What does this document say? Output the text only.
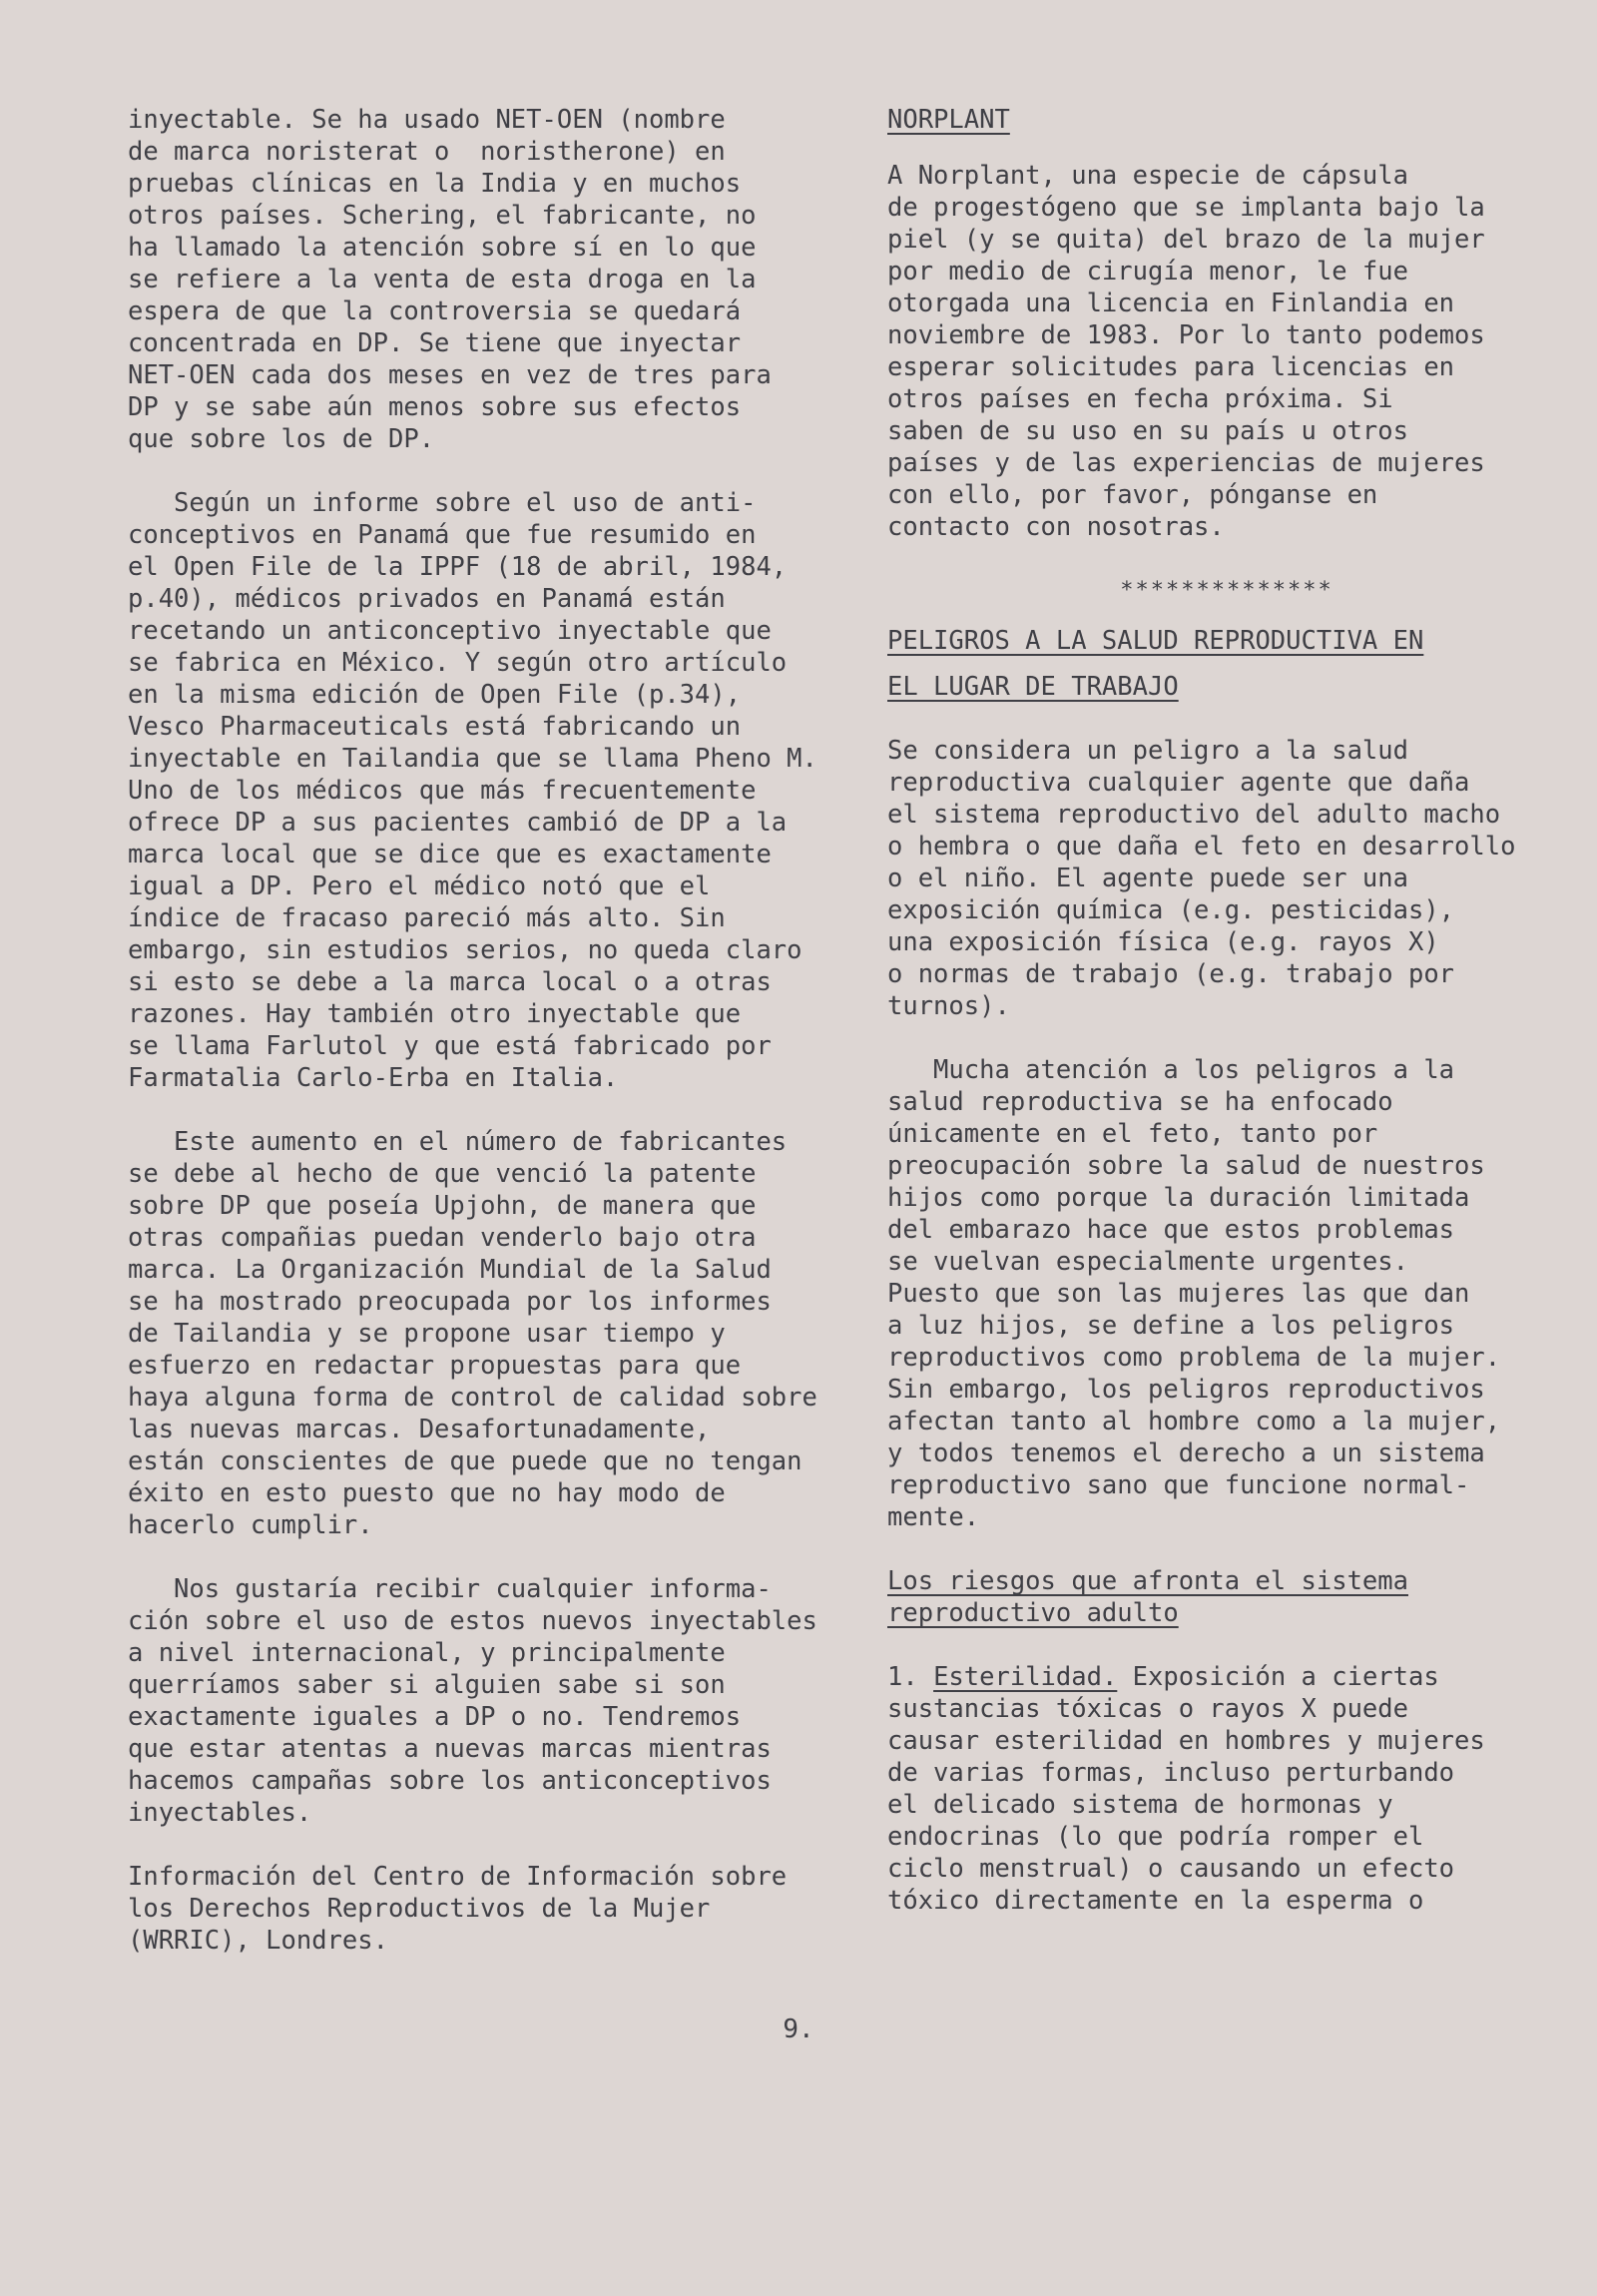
inyectable. Se ha usado NET-OEN (nombre
de marca noristerat o  noristherone) en
pruebas clínicas en la India y en muchos
otros países. Schering, el fabricante, no
ha llamado la atención sobre sí en lo que
se refiere a la venta de esta droga en la
espera de que la controversia se quedará
concentrada en DP. Se tiene que inyectar
NET-OEN cada dos meses en vez de tres para
DP y se sabe aún menos sobre sus efectos
que sobre los de DP.
Según un informe sobre el uso de anti-
conceptivos en Panamá que fue resumido en
el Open File de la IPPF (18 de abril, 1984,
p.40), médicos privados en Panamá están
recetando un anticonceptivo inyectable que
se fabrica en México. Y según otro artículo
en la misma edición de Open File (p.34),
Vesco Pharmaceuticals está fabricando un
inyectable en Tailandia que se llama Pheno M.
Uno de los médicos que más frecuentemente
ofrece DP a sus pacientes cambió de DP a la
marca local que se dice que es exactamente
igual a DP. Pero el médico notó que el
índice de fracaso pareció más alto. Sin
embargo, sin estudios serios, no queda claro
si esto se debe a la marca local o a otras
razones. Hay también otro inyectable que
se llama Farlutol y que está fabricado por
Farmatalia Carlo-Erba en Italia.
Este aumento en el número de fabricantes
se debe al hecho de que venció la patente
sobre DP que poseía Upjohn, de manera que
otras compañias puedan venderlo bajo otra
marca. La Organización Mundial de la Salud
se ha mostrado preocupada por los informes
de Tailandia y se propone usar tiempo y
esfuerzo en redactar propuestas para que
haya alguna forma de control de calidad sobre
las nuevas marcas. Desafortunadamente,
están conscientes de que puede que no tengan
éxito en esto puesto que no hay modo de
hacerlo cumplir.
Nos gustaría recibir cualquier informa-
ción sobre el uso de estos nuevos inyectables
a nivel internacional, y principalmente
querríamos saber si alguien sabe si son
exactamente iguales a DP o no. Tendremos
que estar atentas a nuevas marcas mientras
hacemos campañas sobre los anticonceptivos
inyectables.
Información del Centro de Información sobre
los Derechos Reproductivos de la Mujer
(WRRIC), Londres.
NORPLANT
A Norplant, una especie de cápsula
de progestógeno que se implanta bajo la
piel (y se quita) del brazo de la mujer
por medio de cirugía menor, le fue
otorgada una licencia en Finlandia en
noviembre de 1983. Por lo tanto podemos
esperar solicitudes para licencias en
otros países en fecha próxima. Si
saben de su uso en su país u otros
países y de las experiencias de mujeres
con ello, por favor, pónganse en
contacto con nosotras.
**************
PELIGROS A LA SALUD REPRODUCTIVA EN
EL LUGAR DE TRABAJO
Se considera un peligro a la salud
reproductiva cualquier agente que daña
el sistema reproductivo del adulto macho
o hembra o que daña el feto en desarrollo
o el niño. El agente puede ser una
exposición química (e.g. pesticidas),
una exposición física (e.g. rayos X)
o normas de trabajo (e.g. trabajo por
turnos).
Mucha atención a los peligros a la
salud reproductiva se ha enfocado
únicamente en el feto, tanto por
preocupación sobre la salud de nuestros
hijos como porque la duración limitada
del embarazo hace que estos problemas
se vuelvan especialmente urgentes.
Puesto que son las mujeres las que dan
a luz hijos, se define a los peligros
reproductivos como problema de la mujer.
Sin embargo, los peligros reproductivos
afectan tanto al hombre como a la mujer,
y todos tenemos el derecho a un sistema
reproductivo sano que funcione normal-
mente.
Los riesgos que afronta el sistema
reproductivo adulto
1. Esterilidad. Exposición a ciertas
sustancias tóxicas o rayos X puede
causar esterilidad en hombres y mujeres
de varias formas, incluso perturbando
el delicado sistema de hormonas y
endocrinas (lo que podría romper el
ciclo menstrual) o causando un efecto
tóxico directamente en la esperma o
9.
